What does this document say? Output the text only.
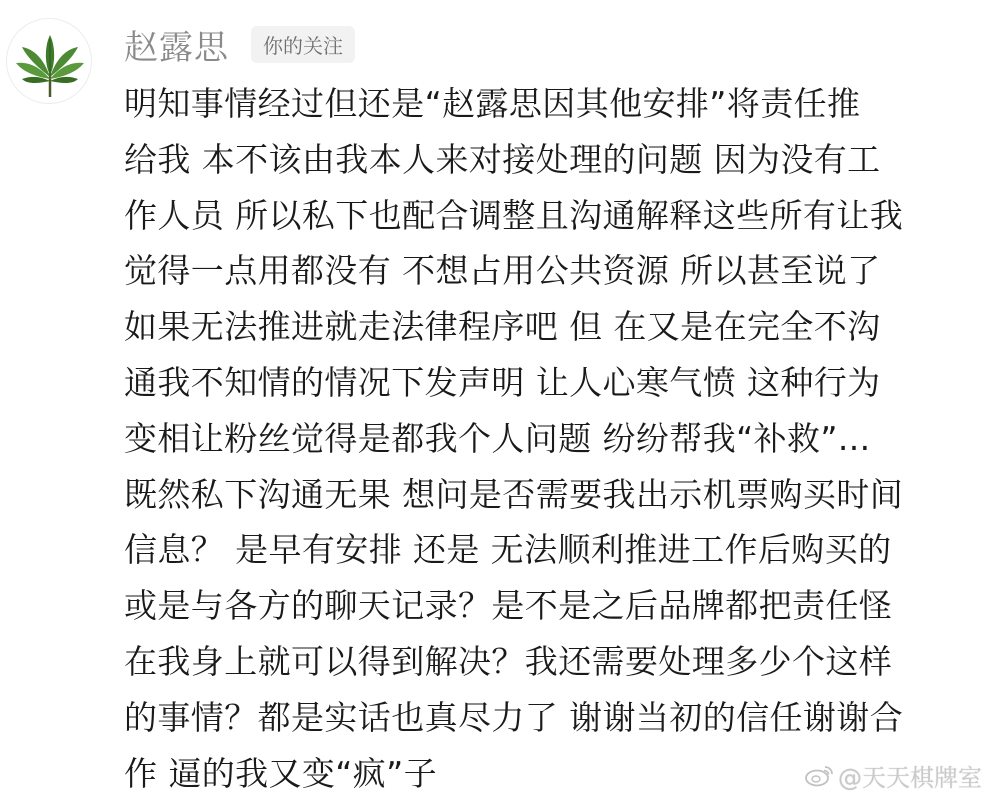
赵露思	你的关注
明知事情经过但还是“赵露思因其他安排”将责任推
给我 本不该由我本人来对接处理的问题 因为没有工
作人员 所以私下也配合调整且沟通解释这些所有让我
觉得一点用都没有 不想占用公共资源 所以甚至说了
如果无法推进就走法律程序吧 但 在又是在完全不沟
通我不知情的情况下发声明 让人心寒气愤 这种行为
变相让粉丝觉得是都我个人问题 纷纷帮我“补救”...
既然私下沟通无果 想问是否需要我出示机票购买时间
信息？ 是早有安排 还是 无法顺利推进工作后购买的
或是与各方的聊天记录？是不是之后品牌都把责任怪
在我身上就可以得到解决？我还需要处理多少个这样
的事情？都是实话也真尽力了 谢谢当初的信任谢谢合
作 逼的我又变“疯”子	@天天棋牌室
